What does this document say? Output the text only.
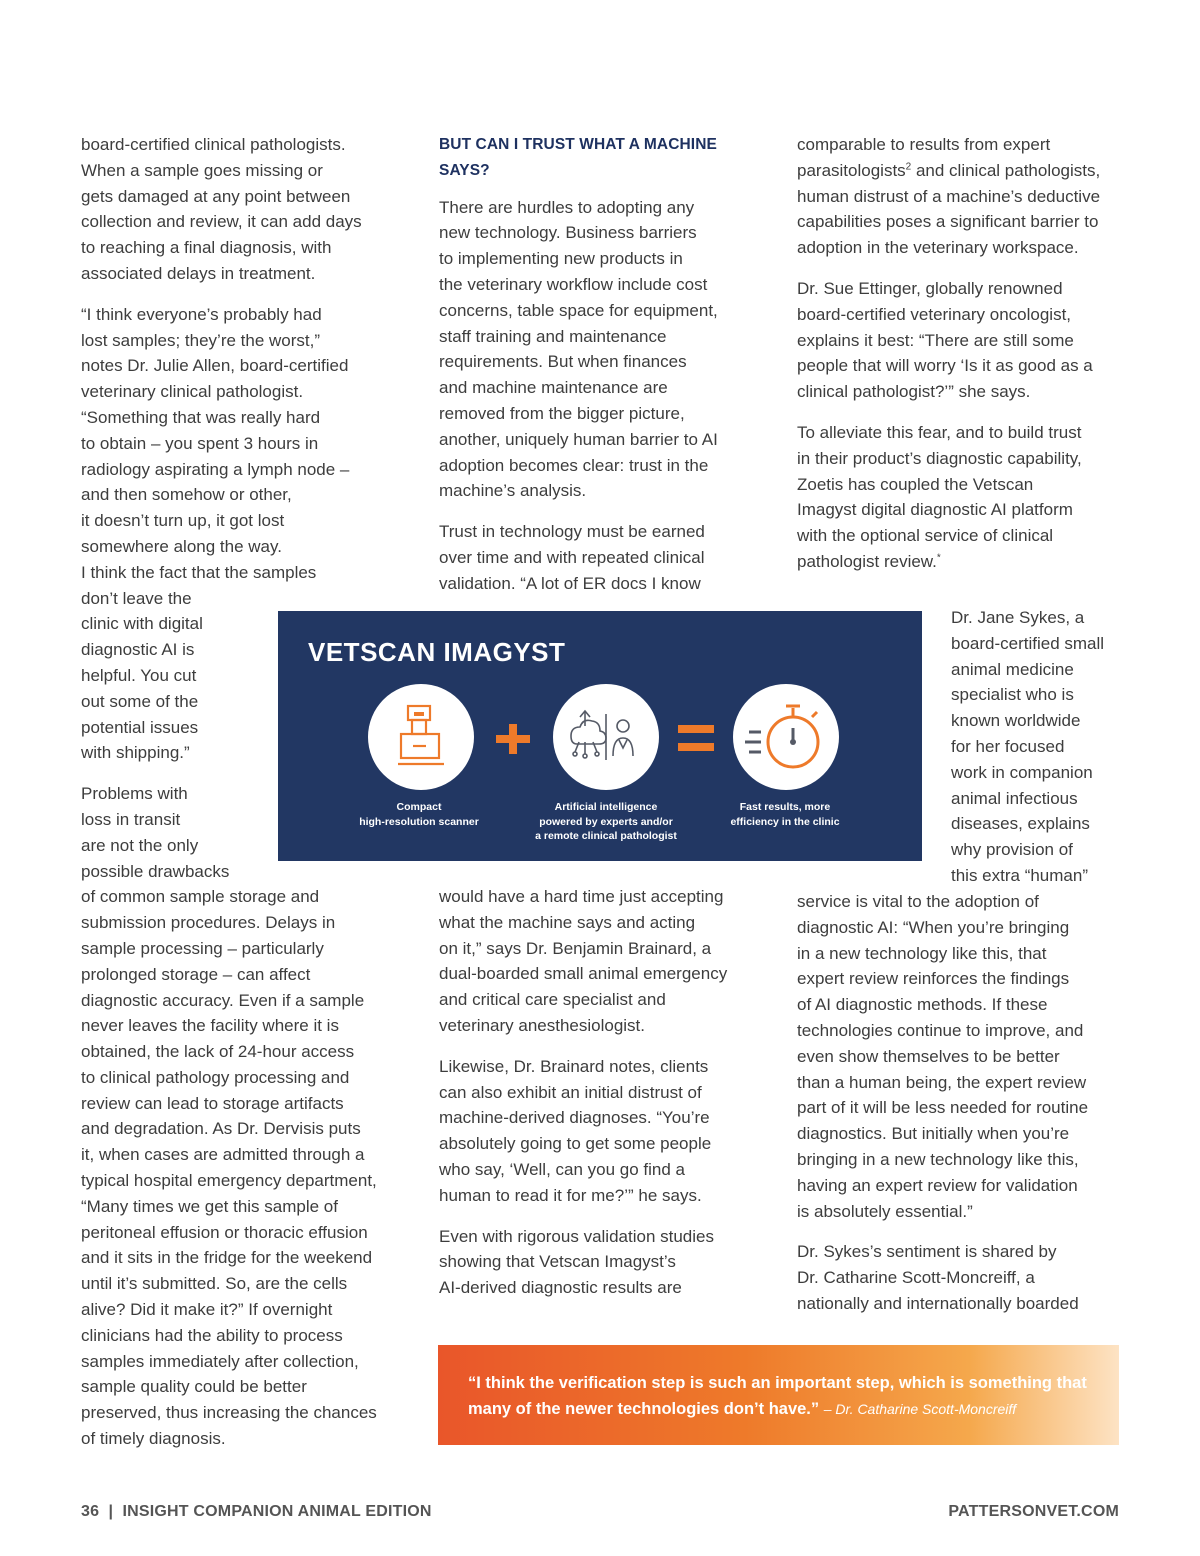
board-certified clinical pathologists.
When a sample goes missing or
gets damaged at any point between
collection and review, it can add days
to reaching a final diagnosis, with
associated delays in treatment.

“I think everyone’s probably had
lost samples; they’re the worst,”
notes Dr. Julie Allen, board-certified
veterinary clinical pathologist.
“Something that was really hard
to obtain – you spent 3 hours in
radiology aspirating a lymph node –
and then somehow or other,
it doesn’t turn up, it got lost
somewhere along the way.
I think the fact that the samples
don’t leave the
clinic with digital
diagnostic AI is
helpful. You cut
out some of the
potential issues
with shipping.”

Problems with
loss in transit
are not the only
possible drawbacks
of common sample storage and
submission procedures. Delays in
sample processing – particularly
prolonged storage – can affect
diagnostic accuracy. Even if a sample
never leaves the facility where it is
obtained, the lack of 24-hour access
to clinical pathology processing and
review can lead to storage artifacts
and degradation. As Dr. Dervisis puts
it, when cases are admitted through a
typical hospital emergency department,
“Many times we get this sample of
peritoneal effusion or thoracic effusion
and it sits in the fridge for the weekend
until it’s submitted. So, are the cells
alive? Did it make it?” If overnight
clinicians had the ability to process
samples immediately after collection,
sample quality could be better
preserved, thus increasing the chances
of timely diagnosis.

BUT CAN I TRUST WHAT A MACHINE SAYS?

There are hurdles to adopting any
new technology. Business barriers
to implementing new products in
the veterinary workflow include cost
concerns, table space for equipment,
staff training and maintenance
requirements. But when finances
and machine maintenance are
removed from the bigger picture,
another, uniquely human barrier to AI
adoption becomes clear: trust in the
machine’s analysis.

Trust in technology must be earned
over time and with repeated clinical
validation. “A lot of ER docs I know

would have a hard time just accepting
what the machine says and acting
on it,” says Dr. Benjamin Brainard, a
dual-boarded small animal emergency
and critical care specialist and
veterinary anesthesiologist.

Likewise, Dr. Brainard notes, clients
can also exhibit an initial distrust of
machine-derived diagnoses. “You’re
absolutely going to get some people
who say, ‘Well, can you go find a
human to read it for me?’” he says.

Even with rigorous validation studies
showing that Vetscan Imagyst’s
AI-derived diagnostic results are

comparable to results from expert
parasitologists$^2$ and clinical pathologists,
human distrust of a machine’s deductive
capabilities poses a significant barrier to
adoption in the veterinary workspace.

Dr. Sue Ettinger, globally renowned
board-certified veterinary oncologist,
explains it best: “There are still some
people that will worry ‘Is it as good as a
clinical pathologist?’” she says.

To alleviate this fear, and to build trust
in their product’s diagnostic capability,
Zoetis has coupled the Vetscan
Imagyst digital diagnostic AI platform
with the optional service of clinical
pathologist review.*

Dr. Jane Sykes, a
board-certified small
animal medicine
specialist who is
known worldwide
for her focused
work in companion
animal infectious
diseases, explains
why provision of
this extra “human”

service is vital to the adoption of
diagnostic AI: “When you’re bringing
in a new technology like this, that
expert review reinforces the findings
of AI diagnostic methods. If these
technologies continue to improve, and
even show themselves to be better
than a human being, the expert review
part of it will be less needed for routine
diagnostics. But initially when you’re
bringing in a new technology like this,
having an expert review for validation
is absolutely essential.”

Dr. Sykes’s sentiment is shared by
Dr. Catharine Scott-Moncreiff, a
nationally and internationally boarded

VETSCAN IMAGYST
Compact
high-resolution scanner
Artificial intelligence
powered by experts and/or
a remote clinical pathologist
Fast results, more
efficiency in the clinic
“I think the verification step is such an important step, which is something that
many of the newer technologies don’t have.” – Dr. Catharine Scott-Moncreiff
36  |  INSIGHT COMPANION ANIMAL EDITION	PATTERSONVET.COM
